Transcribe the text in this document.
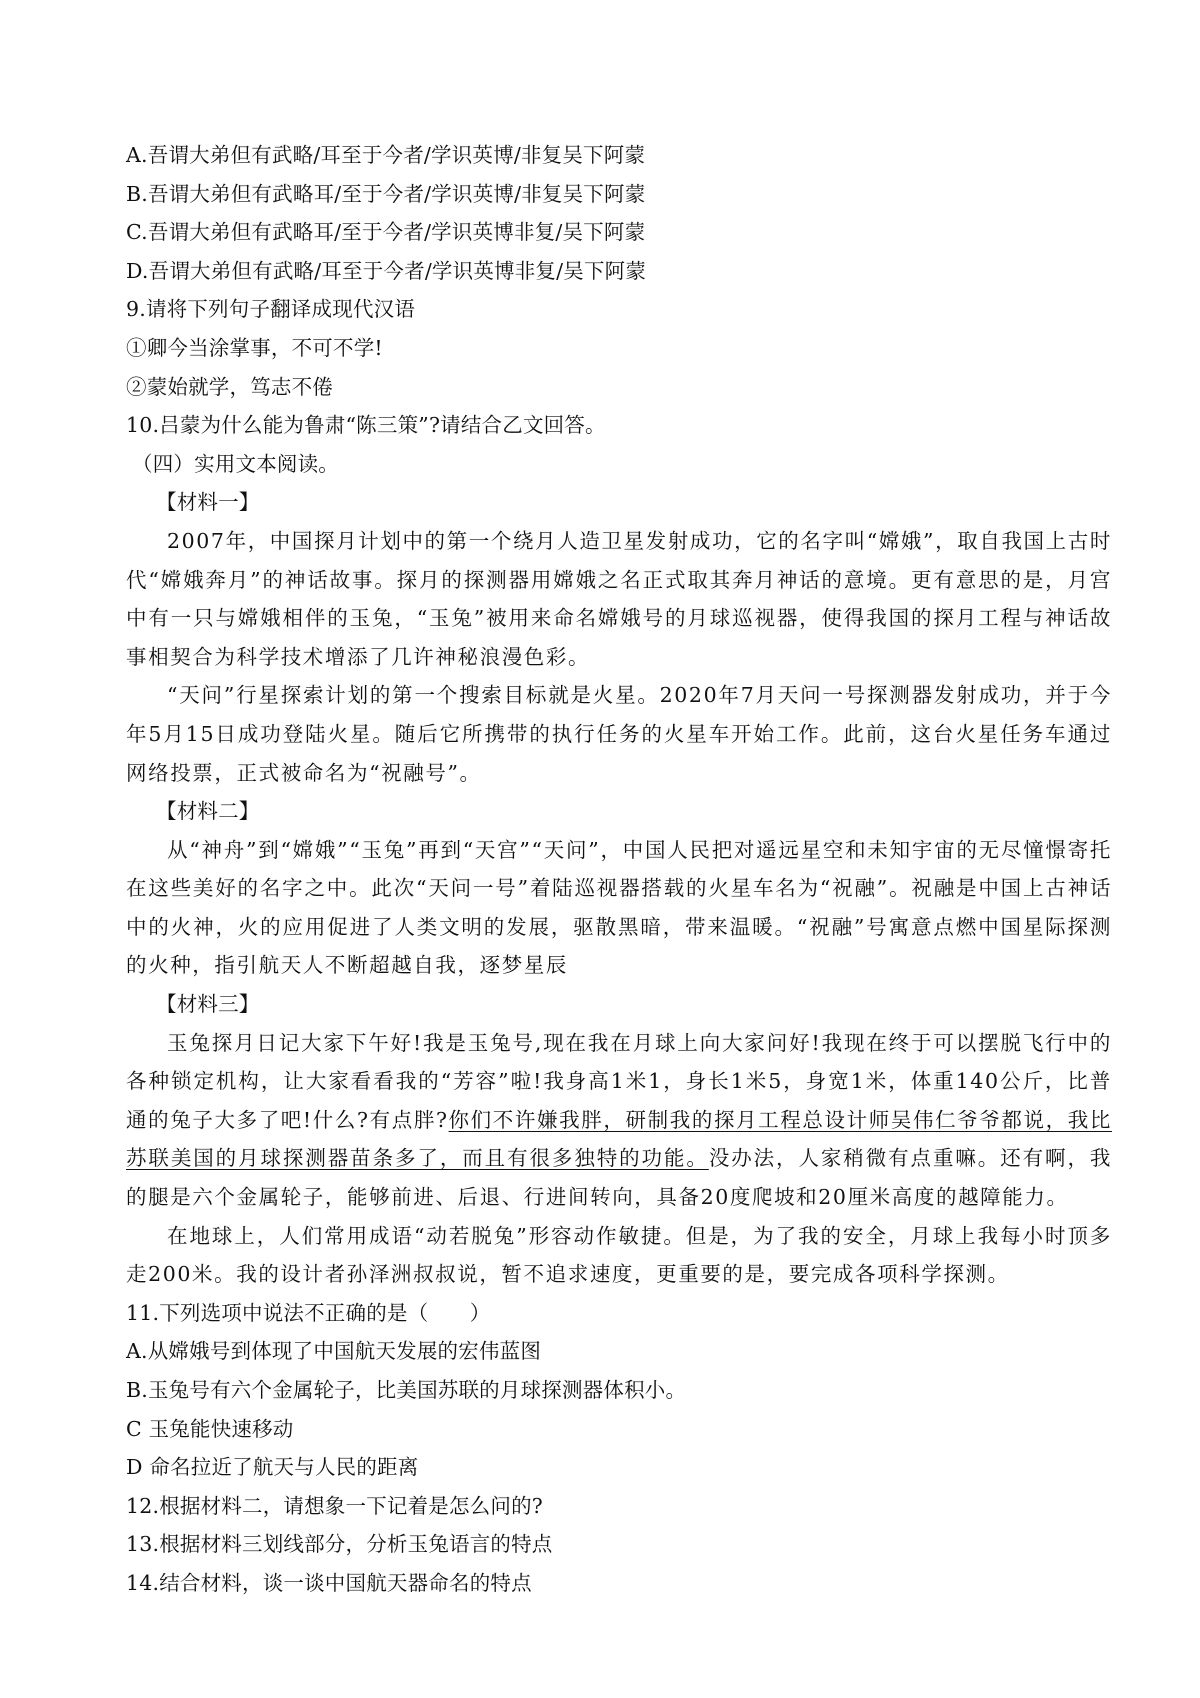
A.吾谓大弟但有武略/耳至于今者/学识英博/非复吴下阿蒙
B.吾谓大弟但有武略耳/至于今者/学识英博/非复吴下阿蒙
C.吾谓大弟但有武略耳/至于今者/学识英博非复/吴下阿蒙
D.吾谓大弟但有武略/耳至于今者/学识英博非复/吴下阿蒙
9.请将下列句子翻译成现代汉语
①卿今当涂掌事，不可不学!
②蒙始就学，笃志不倦
10.吕蒙为什么能为鲁肃“陈三策”?请结合乙文回答。
（四）实用文本阅读。
【材料一】
2007年，中国探月计划中的第一个绕月人造卫星发射成功，它的名字叫“嫦娥”，取自我国上古时代“嫦娥奔月”的神话故事。探月的探测器用嫦娥之名正式取其奔月神话的意境。更有意思的是，月宫中有一只与嫦娥相伴的玉兔，“玉兔”被用来命名嫦娥号的月球巡视器，使得我国的探月工程与神话故事相契合为科学技术增添了几许神秘浪漫色彩。
“天问”行星探索计划的第一个搜索目标就是火星。2020年7月天问一号探测器发射成功，并于今年5月15日成功登陆火星。随后它所携带的执行任务的火星车开始工作。此前，这台火星任务车通过网络投票，正式被命名为“祝融号”。
【材料二】
从“神舟”到“嫦娥”“玉兔”再到“天宫”“天问”，中国人民把对遥远星空和未知宇宙的无尽憧憬寄托在这些美好的名字之中。此次“天问一号”着陆巡视器搭载的火星车名为“祝融”。祝融是中国上古神话中的火神，火的应用促进了人类文明的发展，驱散黑暗，带来温暖。“祝融”号寓意点燃中国星际探测的火种，指引航天人不断超越自我，逐梦星辰
【材料三】
玉兔探月日记大家下午好!我是玉兔号,现在我在月球上向大家问好!我现在终于可以摆脱飞行中的各种锁定机构，让大家看看我的“芳容”啦!我身高1米1，身长1米5，身宽1米，体重140公斤，比普通的兔子大多了吧!什么?有点胖?你们不许嫌我胖，研制我的探月工程总设计师吴伟仁爷爷都说，我比苏联美国的月球探测器苗条多了，而且有很多独特的功能。没办法，人家稍微有点重嘛。还有啊，我的腿是六个金属轮子，能够前进、后退、行进间转向，具备20度爬坡和20厘米高度的越障能力。
在地球上，人们常用成语“动若脱兔”形容动作敏捷。但是，为了我的安全，月球上我每小时顶多走200米。我的设计者孙泽洲叔叔说，暂不追求速度，更重要的是，要完成各项科学探测。
11.下列选项中说法不正确的是（　　）
A.从嫦娥号到体现了中国航天发展的宏伟蓝图
B.玉兔号有六个金属轮子，比美国苏联的月球探测器体积小。
C 玉兔能快速移动
D 命名拉近了航天与人民的距离
12.根据材料二，请想象一下记着是怎么问的?
13.根据材料三划线部分，分析玉兔语言的特点
14.结合材料，谈一谈中国航天器命名的特点
